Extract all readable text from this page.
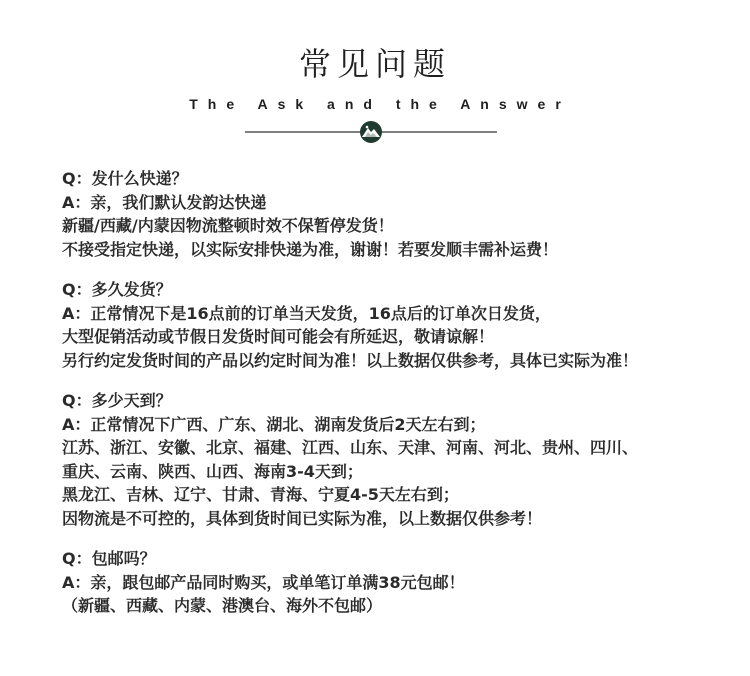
常见问题
The Ask and the Answer
Q：发什么快递？
A：亲，我们默认发韵达快递
新疆/西藏/内蒙因物流整顿时效不保暂停发货！
不接受指定快递，以实际安排快递为准，谢谢！若要发顺丰需补运费！
Q：多久发货？
A：正常情况下是16点前的订单当天发货，16点后的订单次日发货，
大型促销活动或节假日发货时间可能会有所延迟，敬请谅解！
另行约定发货时间的产品以约定时间为准！以上数据仅供参考，具体已实际为准！
Q：多少天到？
A：正常情况下广西、广东、湖北、湖南发货后2天左右到；
江苏、浙江、安徽、北京、福建、江西、山东、天津、河南、河北、贵州、四川、
重庆、云南、陕西、山西、海南3-4天到；
黑龙江、吉林、辽宁、甘肃、青海、宁夏4-5天左右到；
因物流是不可控的，具体到货时间已实际为准，以上数据仅供参考！
Q：包邮吗？
A：亲，跟包邮产品同时购买，或单笔订单满38元包邮！
（新疆、西藏、内蒙、港澳台、海外不包邮）
